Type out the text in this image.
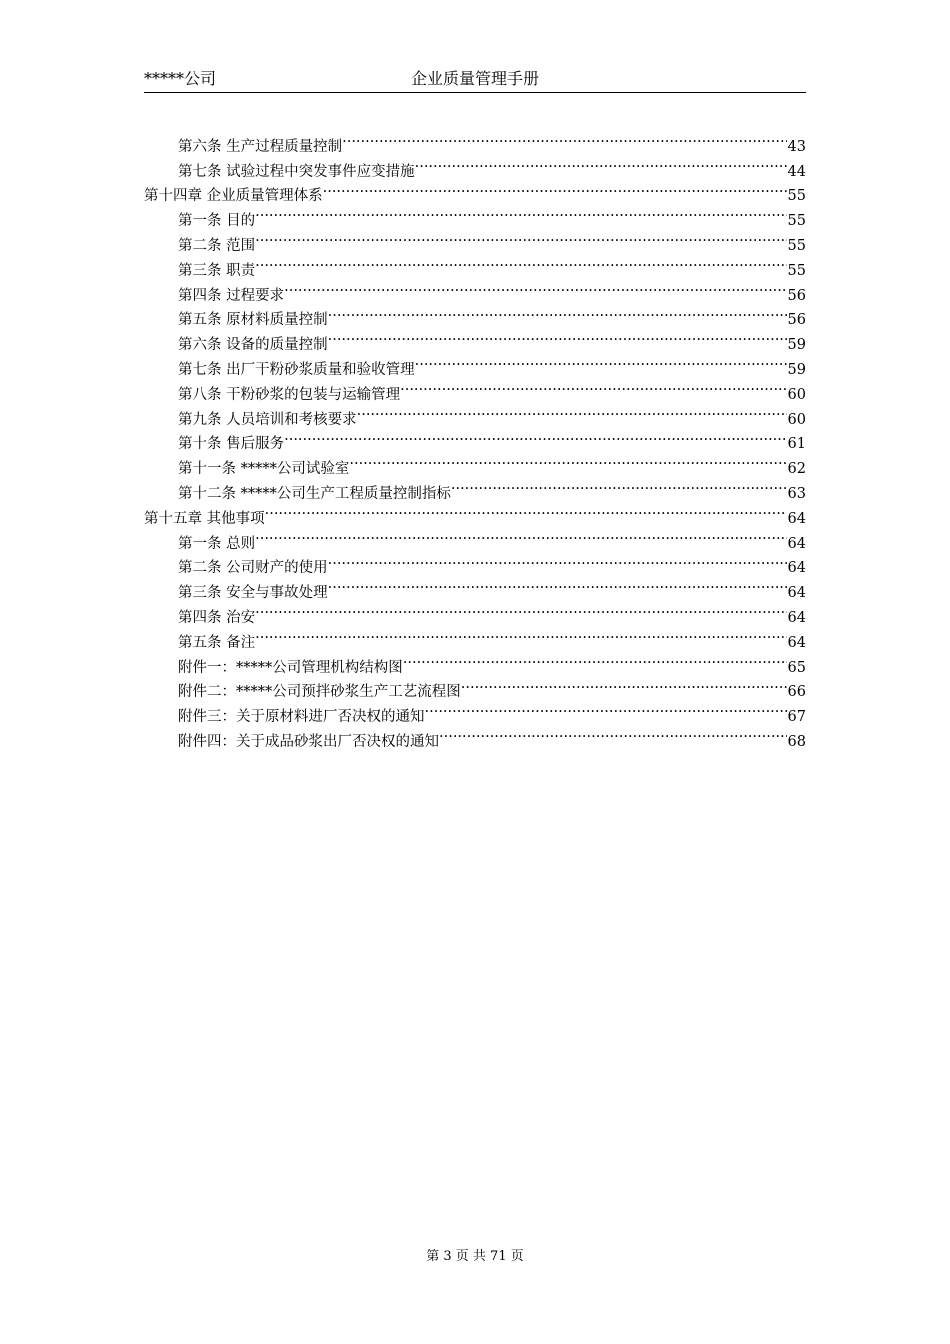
*****公司	企业质量管理手册
第六条 生产过程质量控制 .....	43
第七条 试验过程中突发事件应变措施 .....	44
第十四章 企业质量管理体系 .....	55
第一条 目的 .....	55
第二条 范围 .....	55
第三条 职责 .....	55
第四条 过程要求 .....	56
第五条 原材料质量控制 .....	56
第六条 设备的质量控制 .....	59
第七条 出厂干粉砂浆质量和验收管理 .....	59
第八条 干粉砂浆的包装与运输管理 .....	60
第九条 人员培训和考核要求 .....	60
第十条 售后服务 .....	61
第十一条 *****公司试验室 .....	62
第十二条 *****公司生产工程质量控制指标 .....	63
第十五章 其他事项 .....	64
第一条 总则 .....	64
第二条 公司财产的使用 .....	64
第三条 安全与事故处理 .....	64
第四条 治安 .....	64
第五条 备注 .....	64
附件一：*****公司管理机构结构图 .....	65
附件二：*****公司预拌砂浆生产工艺流程图 .....	66
附件三：关于原材料进厂否决权的通知 .....	67
附件四：关于成品砂浆出厂否决权的通知 .....	68
第 3 页 共 71 页
